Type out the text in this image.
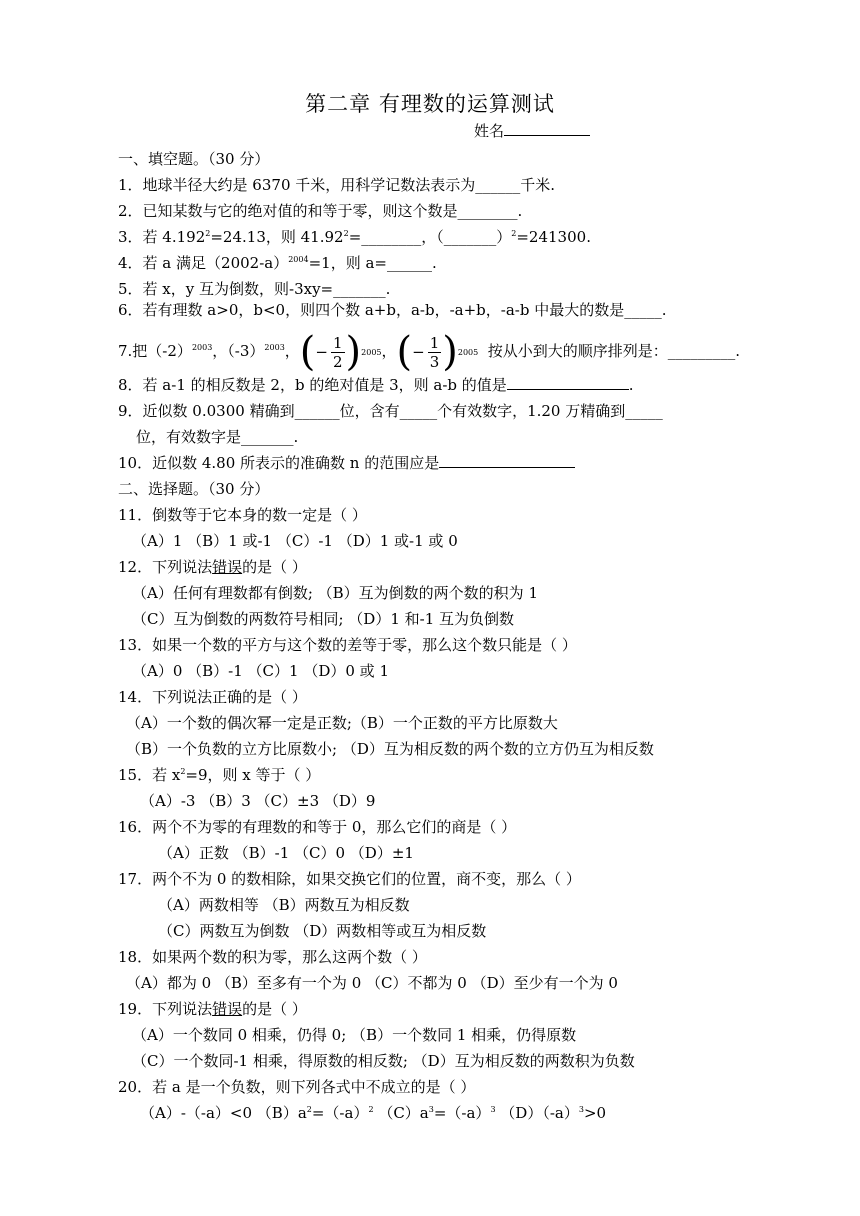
第二章 有理数的运算测试
姓名
一、填空题。（30 分）
1．地球半径大约是 6370 千米，用科学记数法表示为______千米.
2．已知某数与它的绝对值的和等于零，则这个数是________.
3．若 $4.192^2=24.13$，则 $41.92^2=\_\_\_\_\_\_\_\_$，（_______）$^2$=241300.
4．若 a 满足$(2002-a)^{2004}=1$，则 a=______.
5．若 x，y 互为倒数，则-3xy=_______.
6．若有理数 a>0，b<0，则四个数 a+b，a-b，-a+b，-a-b 中最大的数是_____.
7.把$(-2)^{2003}$，$(-3)^{2003}$， ( − $\frac{1}{2}$ ) 2005 ， ( − $\frac{1}{3}$ ) 2005 按从小到大的顺序排列是：_________.
8．若 a-1 的相反数是 2，b 的绝对值是 3，则 a-b 的值是	.
9．近似数 0.0300 精确到______位，含有_____个有效数字，1.20 万精确到_____
位，有效数字是_______.
10．近似数 4.80 所表示的准确数 n 的范围应是
二、选择题。（30 分）
11．倒数等于它本身的数一定是（ ）
（A）1 （B）1 或-1 （C）-1 （D）1 或-1 或 0
12．下列说法错误的是（ ）
（A）任何有理数都有倒数; （B）互为倒数的两个数的积为 1
（C）互为倒数的两数符号相同; （D）1 和-1 互为负倒数
13．如果一个数的平方与这个数的差等于零，那么这个数只能是（ ）
（A）0 （B）-1 （C）1 （D）0 或 1
14．下列说法正确的是（ ）
（A）一个数的偶次幂一定是正数;（B）一个正数的平方比原数大
（B）一个负数的立方比原数小; （D）互为相反数的两个数的立方仍互为相反数
15．若 $x^2=9$，则 x 等于（ ）
（A）-3 （B）3 （C）±3 （D）9
16．两个不为零的有理数的和等于 0，那么它们的商是（ ）
（A）正数 （B）-1 （C）0 （D）±1
17．两个不为 0 的数相除，如果交换它们的位置，商不变，那么（ ）
（A）两数相等 （B）两数互为相反数
（C）两数互为倒数 （D）两数相等或互为相反数
18．如果两个数的积为零，那么这两个数（ ）
（A）都为 0 （B）至多有一个为 0 （C）不都为 0 （D）至少有一个为 0
19．下列说法错误的是（ ）
（A）一个数同 0 相乘，仍得 0; （B）一个数同 1 相乘，仍得原数
（C）一个数同-1 相乘，得原数的相反数; （D）互为相反数的两数积为负数
20．若 a 是一个负数，则下列各式中不成立的是（ ）
（A）-（-a）<0 $(B)a^2=(-a)^2$ $(C)a^3=(-a)^3$ $(D)(-a)^3>0$
